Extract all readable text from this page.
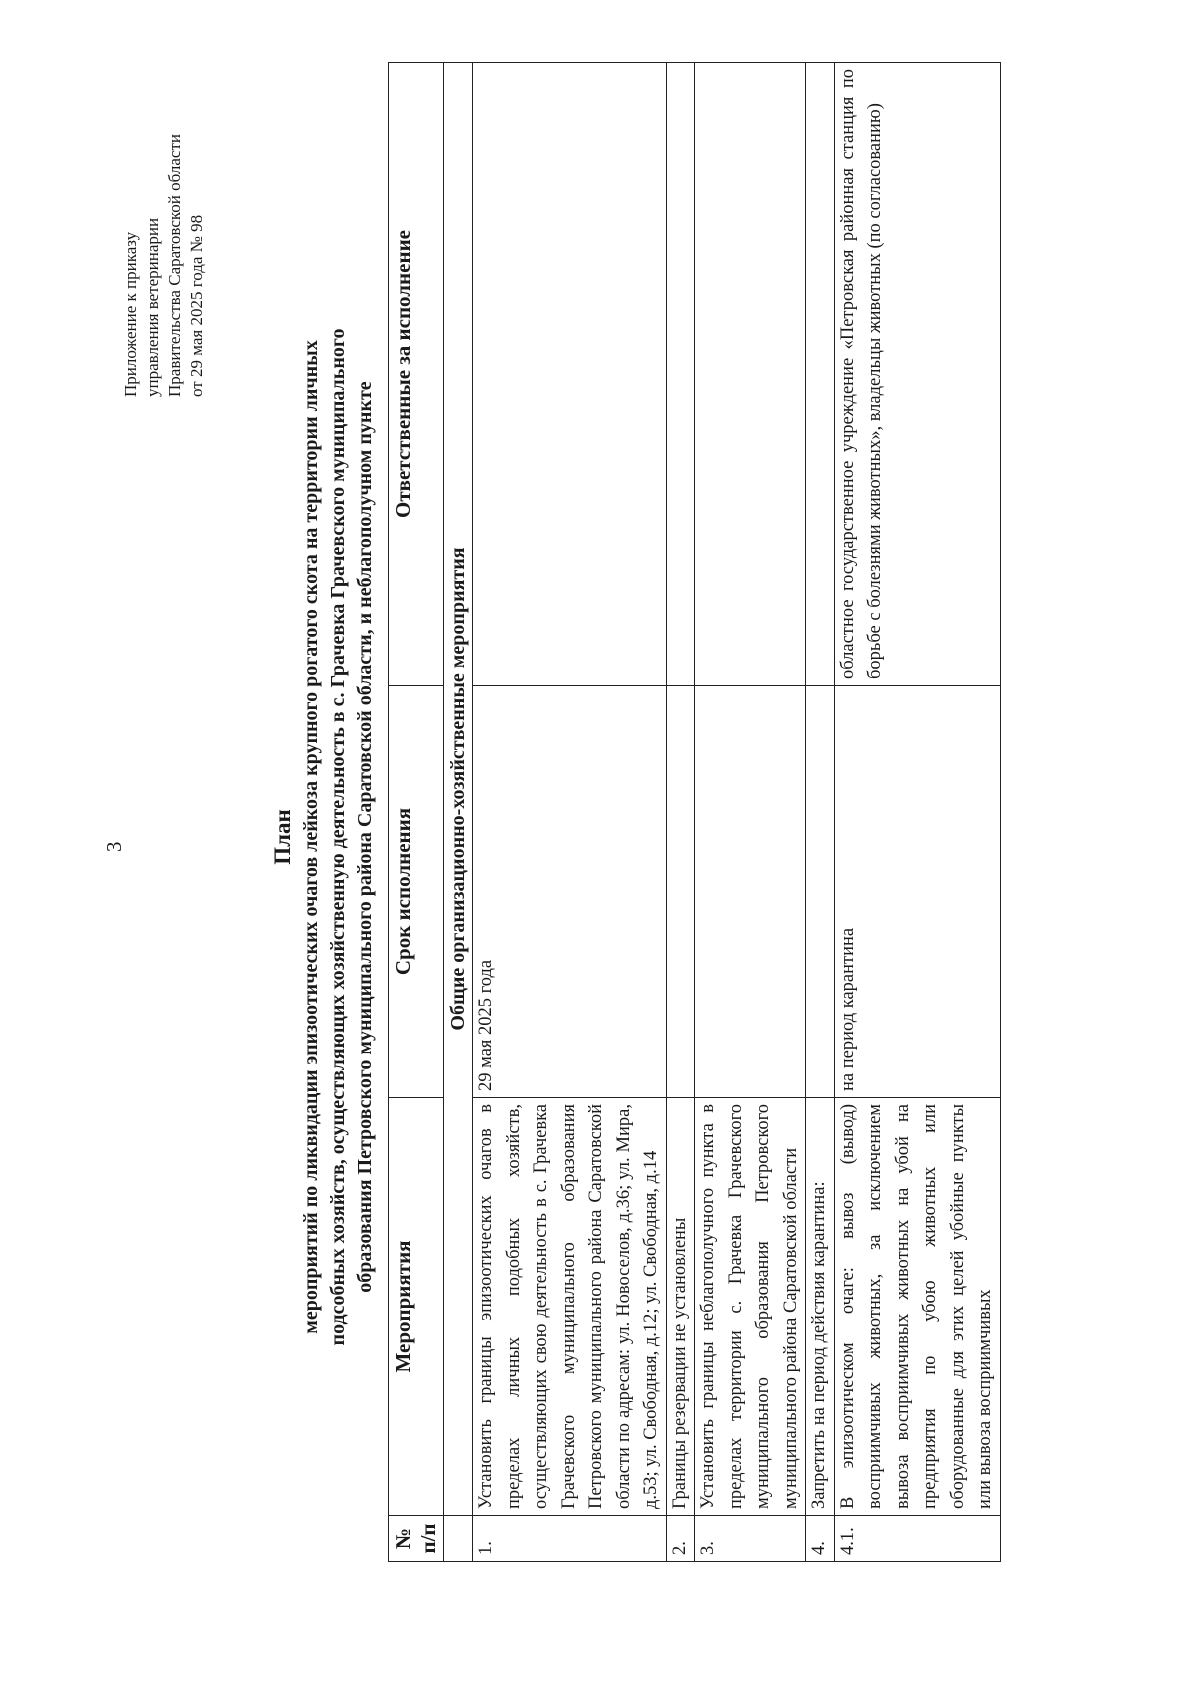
3
Приложение к приказу управления ветеринарии Правительства Саратовской области от 29 мая 2025 года № 98
План мероприятий по ликвидации эпизоотических очагов лейкоза крупного рогатого скота на территории личных подсобных хозяйств, осуществляющих хозяйственную деятельность в с. Грачевка Грачевского муниципального образования Петровского муниципального района Саратовской области, и неблагополучном пункте
№ п/п	Мероприятия	Срок исполнения	Ответственные за исполнение
	Общие организационно-хозяйственные мероприятия		
1.	Установить границы эпизоотических очагов в пределах личных подобных хозяйств, осуществляющих свою деятельность в с. Грачевка Грачевского муниципального образования Петровского муниципального района Саратовской области по адресам: ул. Новоселов, д.36; ул. Мира, д.53; ул. Свободная, д.12; ул. Свободная, д.14	29 мая 2025 года	
2.	Границы резервации не установлены		
3.	Установить границы неблагополучного пункта в пределах территории с. Грачевка Грачевского муниципального образования Петровского муниципального района Саратовской области		
4.	Запретить на период действия карантина:		
4.1.	В эпизоотическом очаге: вывоз (вывод) восприимчивых животных, за исключением вывоза восприимчивых животных на убой на предприятия по убою животных или оборудованные для этих целей убойные пункты или вывоза восприимчивых	на период карантина	областное государственное учреждение «Петровская районная станция по борьбе с болезнями животных», владельцы животных (по согласованию)
